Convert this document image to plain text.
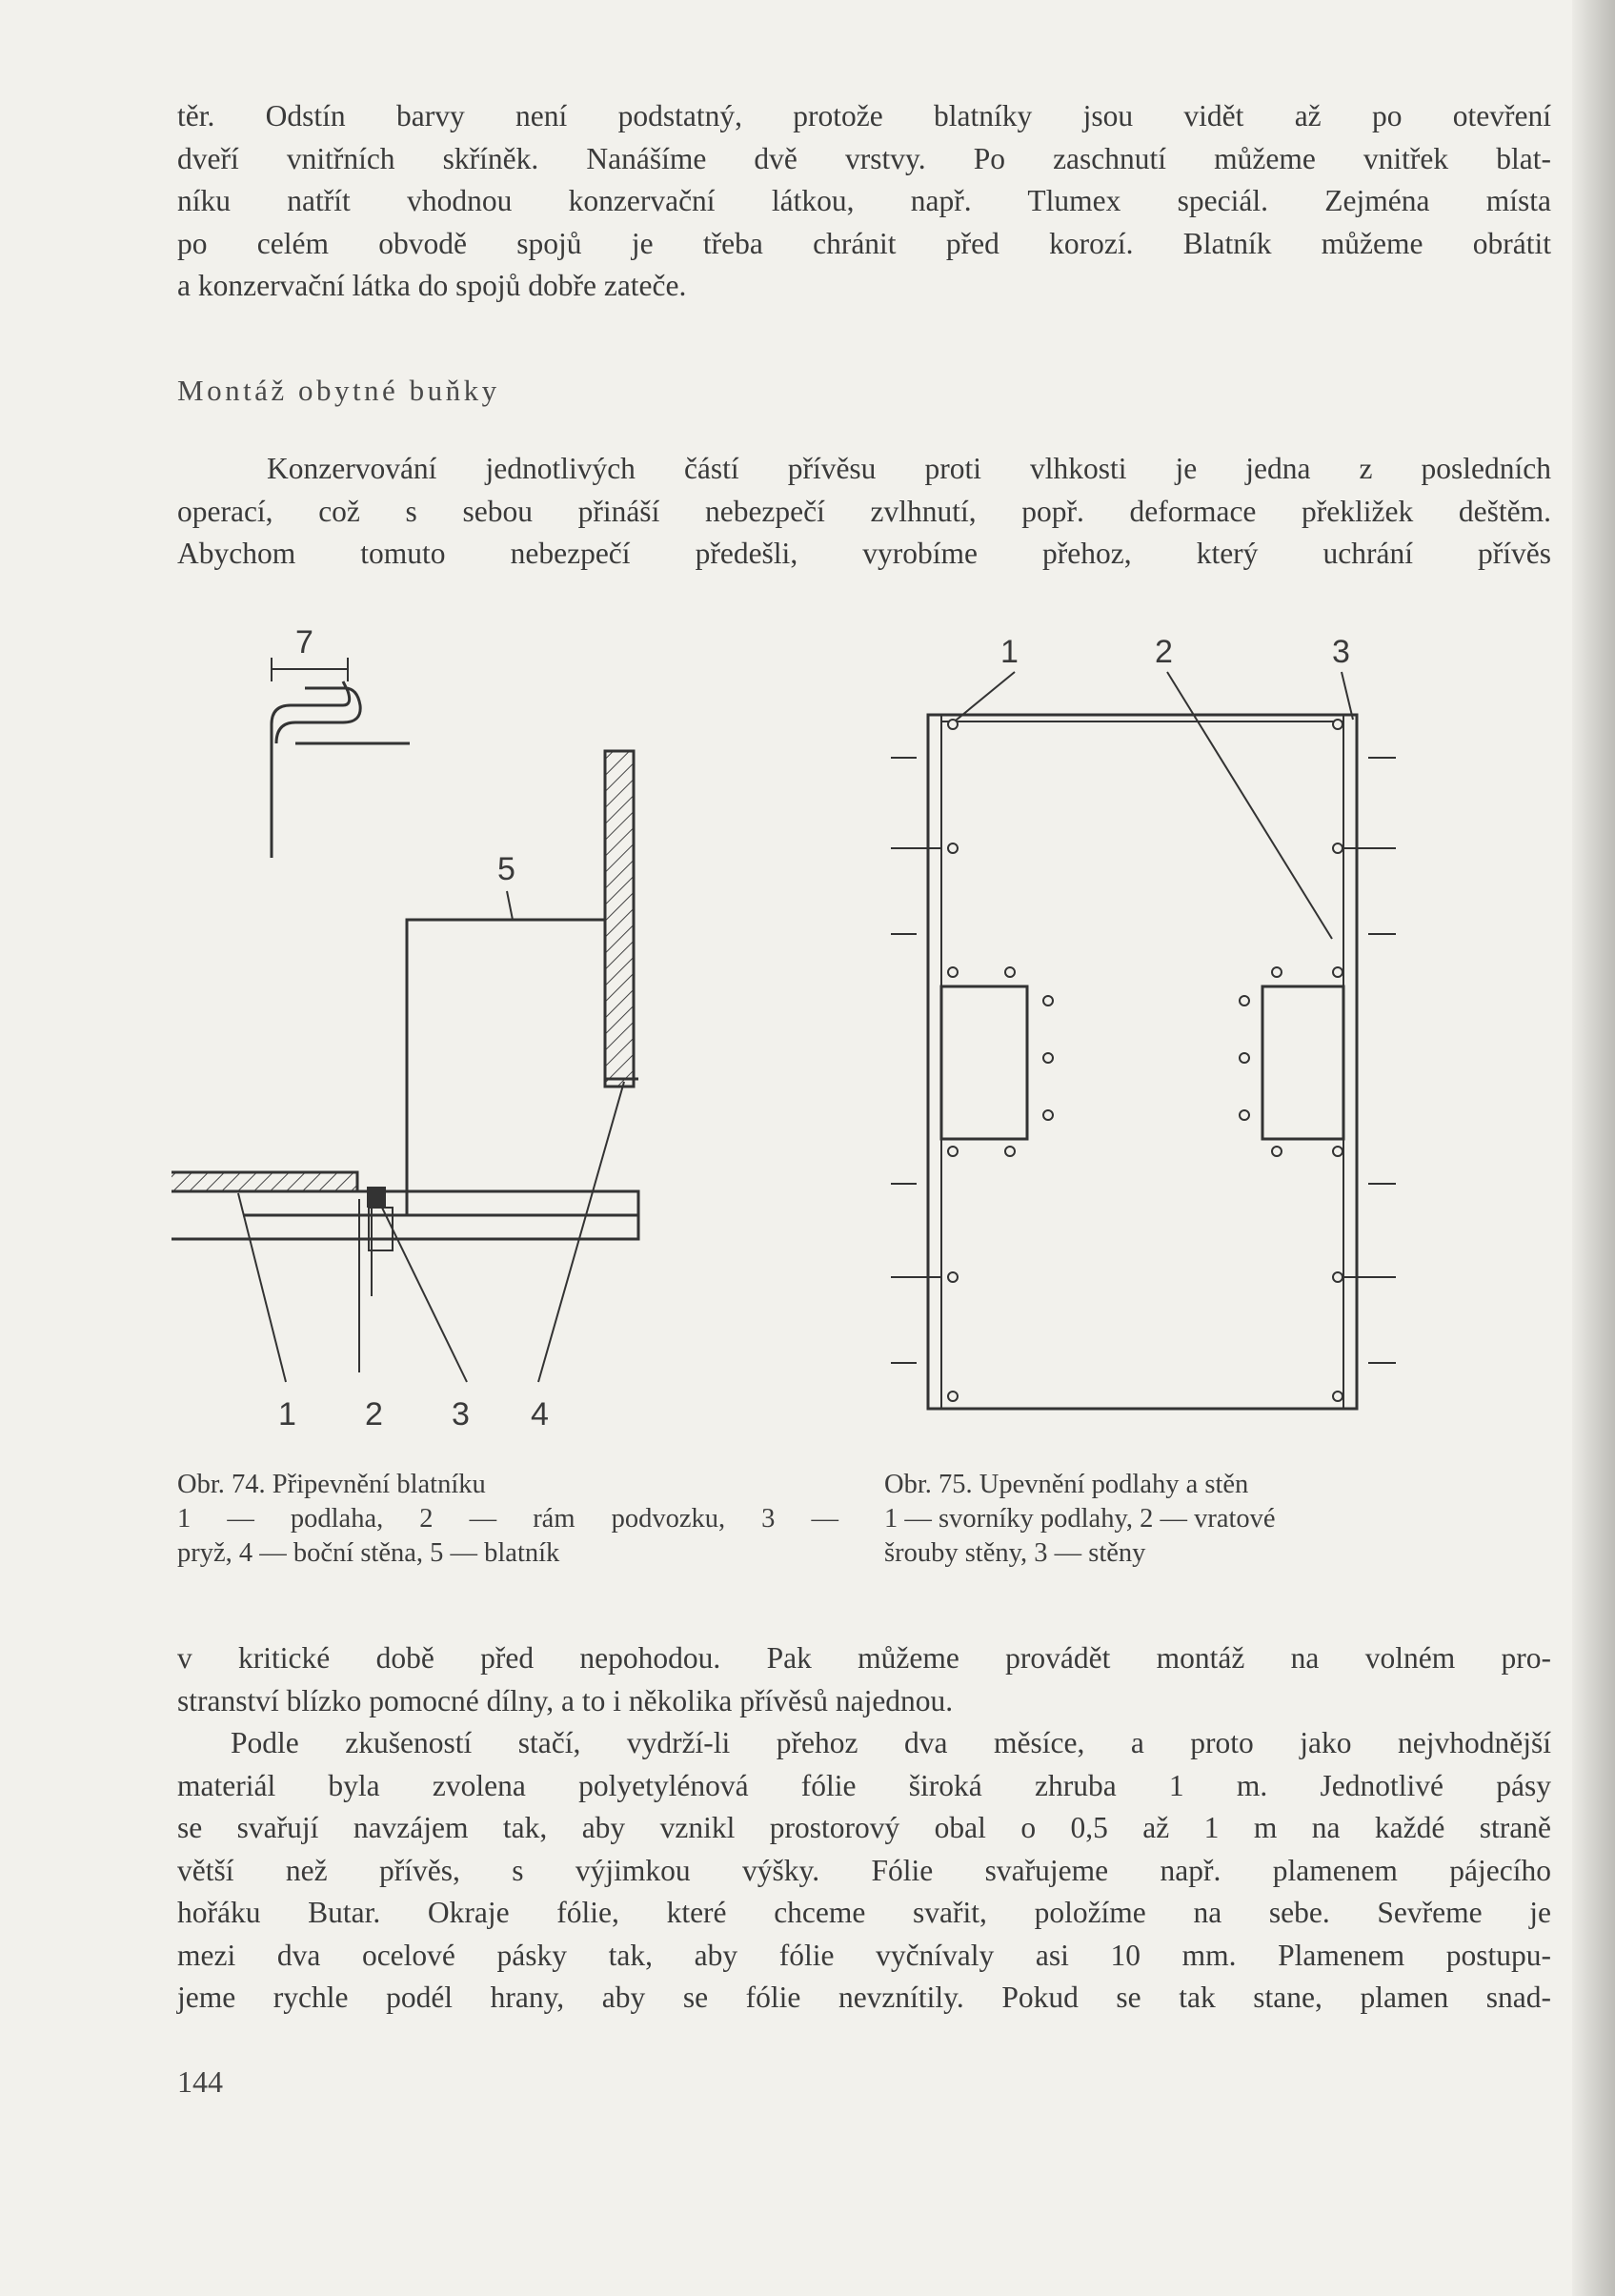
těr. Odstín barvy není podstatný, protože blatníky jsou vidět až po otevření
dveří vnitřních skříněk. Nanášíme dvě vrstvy. Po zaschnutí můžeme vnitřek blat-
níku natřít vhodnou konzervační látkou, např. Tlumex speciál. Zejména místa
po celém obvodě spojů je třeba chránit před korozí. Blatník můžeme obrátit
a konzervační látka do spojů dobře zateče.
Montáž obytné buňky
Konzervování jednotlivých částí přívěsu proti vlhkosti je jedna z posledních
operací, což s sebou přináší nebezpečí zvlhnutí, popř. deformace překližek deštěm.
Abychom tomuto nebezpečí předešli, vyrobíme přehoz, který uchrání přívěs
7
5
1 2 3 4
1	2	3
Obr. 74. Připevnění blatníku
1 — podlaha, 2 — rám podvozku, 3 —
pryž, 4 — boční stěna, 5 — blatník
Obr. 75. Upevnění podlahy a stěn
1 — svorníky podlahy, 2 — vratové
šrouby stěny, 3 — stěny
v kritické době před nepohodou. Pak můžeme provádět montáž na volném pro-
stranství blízko pomocné dílny, a to i několika přívěsů najednou.
Podle zkušeností stačí, vydrží-li přehoz dva měsíce, a proto jako nejvhodnější
materiál byla zvolena polyetylénová fólie široká zhruba 1 m. Jednotlivé pásy
se svařují navzájem tak, aby vznikl prostorový obal o 0,5 až 1 m na každé straně
větší než přívěs, s výjimkou výšky. Fólie svařujeme např. plamenem pájecího
hořáku Butar. Okraje fólie, které chceme svařit, položíme na sebe. Sevřeme je
mezi dva ocelové pásky tak, aby fólie vyčnívaly asi 10 mm. Plamenem postupu-
jeme rychle podél hrany, aby se fólie nevznítily. Pokud se tak stane, plamen snad-
144
